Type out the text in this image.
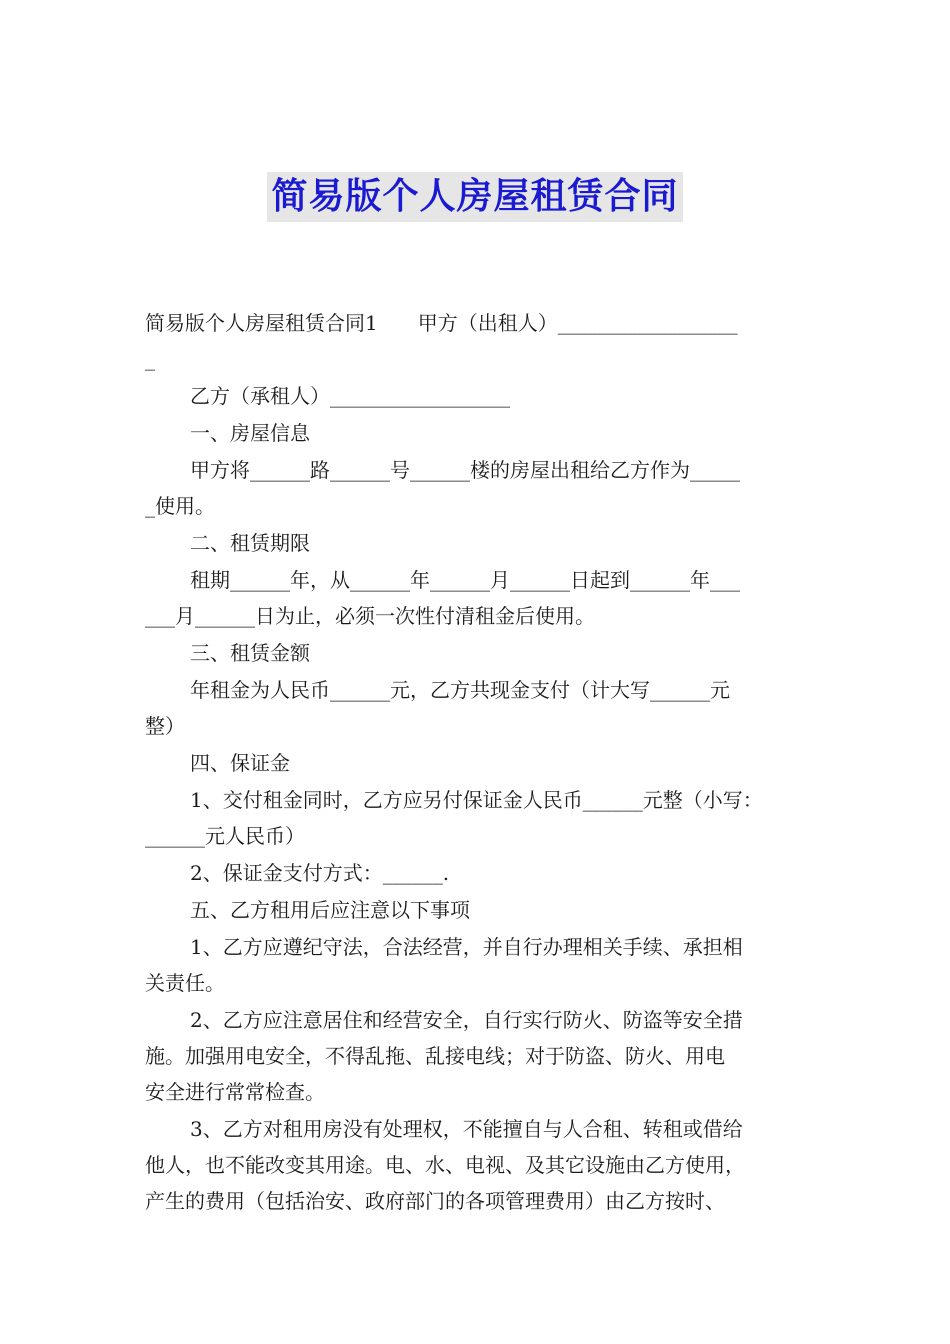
简易版个人房屋租赁合同

简易版个人房屋租赁合同1　　甲方（出租人）__________________
_

乙方（承租人）__________________

一、房屋信息

甲方将______路______号______楼的房屋出租给乙方作为_____
_使用。

二、租赁期限

租期______年，从______年______月______日起到______年___
___月______日为止，必须一次性付清租金后使用。

三、租赁金额

年租金为人民币______元，乙方共现金支付（计大写______元
整）

四、保证金

1、交付租金同时，乙方应另付保证金人民币______元整（小写：
______元人民币）

2、保证金支付方式：______.

五、乙方租用后应注意以下事项

1、乙方应遵纪守法，合法经营，并自行办理相关手续、承担相
关责任。

2、乙方应注意居住和经营安全，自行实行防火、防盗等安全措
施。加强用电安全，不得乱拖、乱接电线；对于防盗、防火、用电
安全进行常常检查。

3、乙方对租用房没有处理权，不能擅自与人合租、转租或借给
他人，也不能改变其用途。电、水、电视、及其它设施由乙方使用，
产生的费用（包括治安、政府部门的各项管理费用）由乙方按时、
